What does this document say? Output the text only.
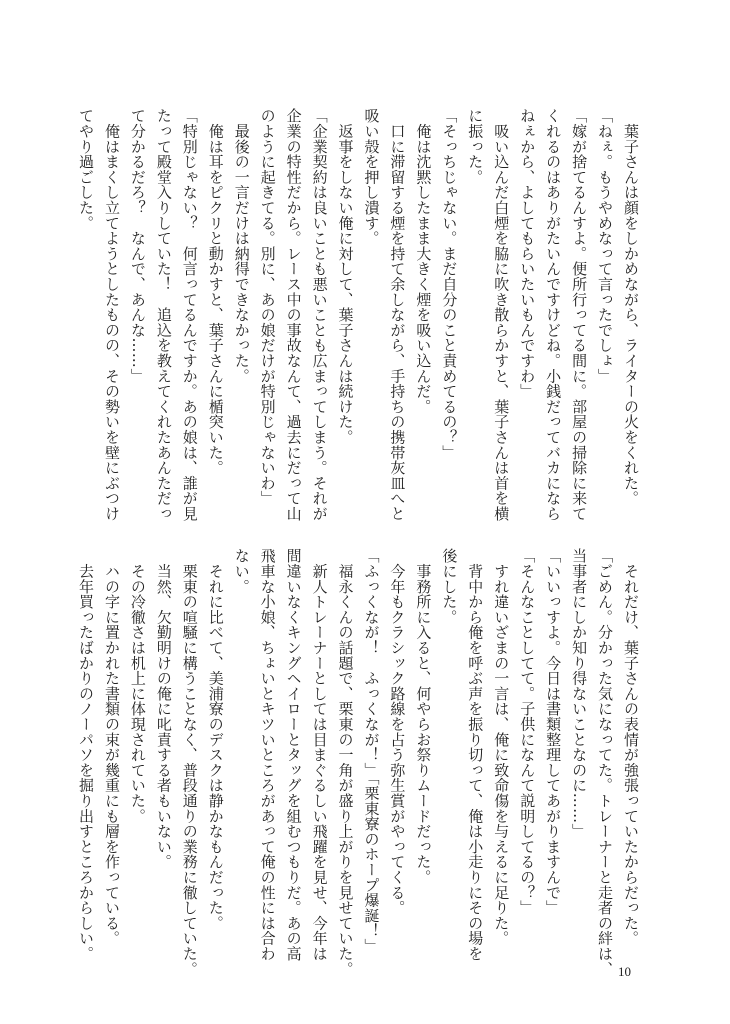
　葉子さんは顔をしかめながら、ライターの火をくれた。
「ねぇ。もうやめなって言ったでしょ」
「嫁が捨てるんすよ。便所行ってる間に。部屋の掃除に来て
くれるのはありがたいんですけどね。小銭だってバカになら
ねぇから、よしてもらいたいもんですわ」
　吸い込んだ白煙を脇に吹き散らかすと、葉子さんは首を横
に振った。
「そっちじゃない。まだ自分のこと責めてるの？」
　俺は沈黙したまま大きく煙を吸い込んだ。
　口に滞留する煙を持て余しながら、手持ちの携帯灰皿へと
吸い殻を押し潰す。
　返事をしない俺に対して、葉子さんは続けた。
「企業契約は良いことも悪いことも広まってしまう。それが
企業の特性だから。レース中の事故なんて、過去にだって山
のように起きてる。別に、あの娘だけが特別じゃないわ」
　最後の一言だけは納得できなかった。
　俺は耳をピクリと動かすと、葉子さんに楯突いた。
「特別じゃない？　何言ってるんですか。あの娘は、誰が見
たって殿堂入りしていた！　追込を教えてくれたあんただっ
て分かるだろ？　なんで、あんな……」
　俺はまくし立てようとしたものの、その勢いを壁にぶつけ
てやり過ごした。
　それだけ、葉子さんの表情が強張っていたからだった。
「ごめん。分かった気になってた。トレーナーと走者の絆は、
当事者にしか知り得ないことなのに……」
「いいっすよ。今日は書類整理してあがりますんで」
「そんなことしてて。子供になんて説明してるの？」
　すれ違いざまの一言は、俺に致命傷を与えるに足りた。
　背中から俺を呼ぶ声を振り切って、俺は小走りにその場を
後にした。
　事務所に入ると、何やらお祭りムードだった。
　今年もクラシック路線を占う弥生賞がやってくる。
「ふっくなが！　ふっくなが！」「栗東寮のホープ爆誕！」
　福永くんの話題で、栗東の一角が盛り上がりを見せていた。
　新人トレーナーとしては目まぐるしい飛躍を見せ、今年は
間違いなくキングヘイローとタッグを組むつもりだ。あの高
飛車な小娘、ちょいとキツいところがあって俺の性には合わ
ない。
　それに比べて、美浦寮のデスクは静かなもんだった。
　栗東の喧騒に構うことなく、普段通りの業務に徹していた。
　当然、欠勤明けの俺に叱責する者もいない。
　その冷徹さは机上に体現されていた。
　ハの字に置かれた書類の束が幾重にも層を作っている。
　去年買ったばかりのノーパソを掘り出すところからしい。
10
